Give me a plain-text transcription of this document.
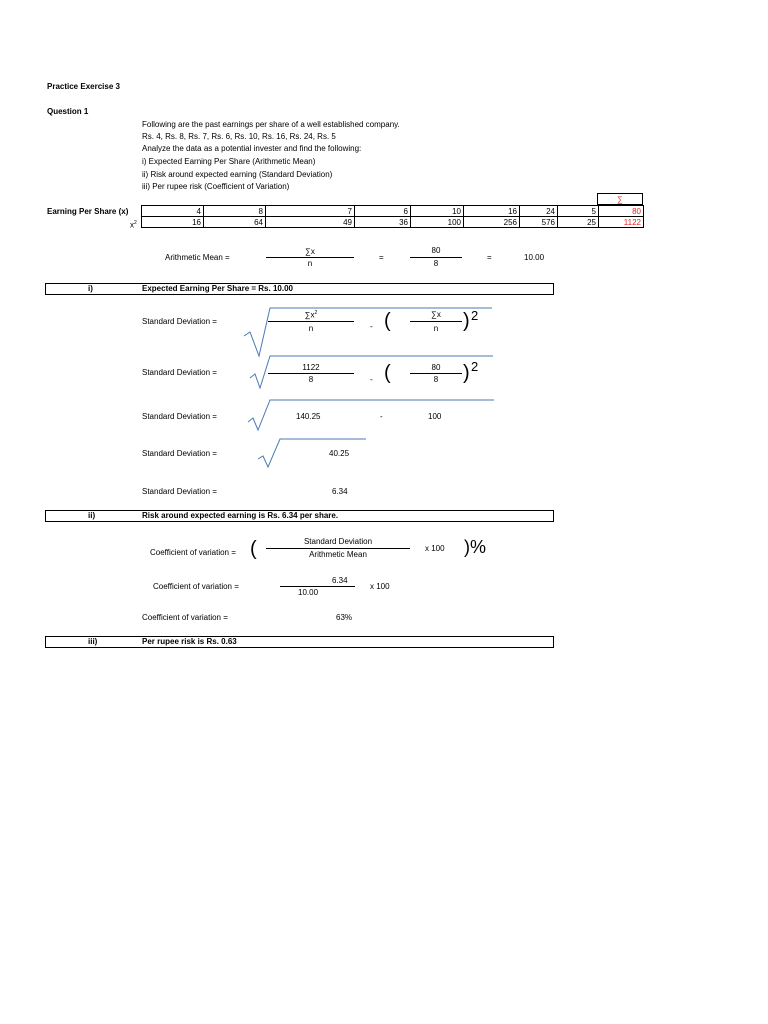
Practice Exercise 3
Question 1
Following are the past earnings per share of a well established company.
Rs. 4, Rs. 8, Rs. 7, Rs. 6, Rs. 10, Rs. 16, Rs. 24, Rs. 5
Analyze the data as a potential invester and find the following:
i) Expected Earning Per Share (Arithmetic Mean)
ii) Risk around expected earning (Standard Deviation)
iii) Per rupee risk (Coefficient of Variation)
Earning Per Share (x)
$x^2$
∑
4	8	7	6	10	16	24	5	80
16	64	49	36	100	256	576	25	1122
Arithmetic Mean =
∑x
n
=
80
8
=	10.00
i)	Expected Earning Per Share = Rs. 10.00
Standard Deviation =
$\sum x^2$
n	- (	∑x
n	) 2
Standard Deviation =
1122
8	- (	80
8	) 2
Standard Deviation =	140.25	-	100
Standard Deviation =	40.25
Standard Deviation =	6.34
ii)	Risk around expected earning is Rs. 6.34 per share.
Coefficient of variation = (	Standard Deviation
Arithmetic Mean
x 100 )%
Coefficient of variation =
6.34
10.00
x 100
Coefficient of variation =	63%
iii)	Per rupee risk is Rs. 0.63
